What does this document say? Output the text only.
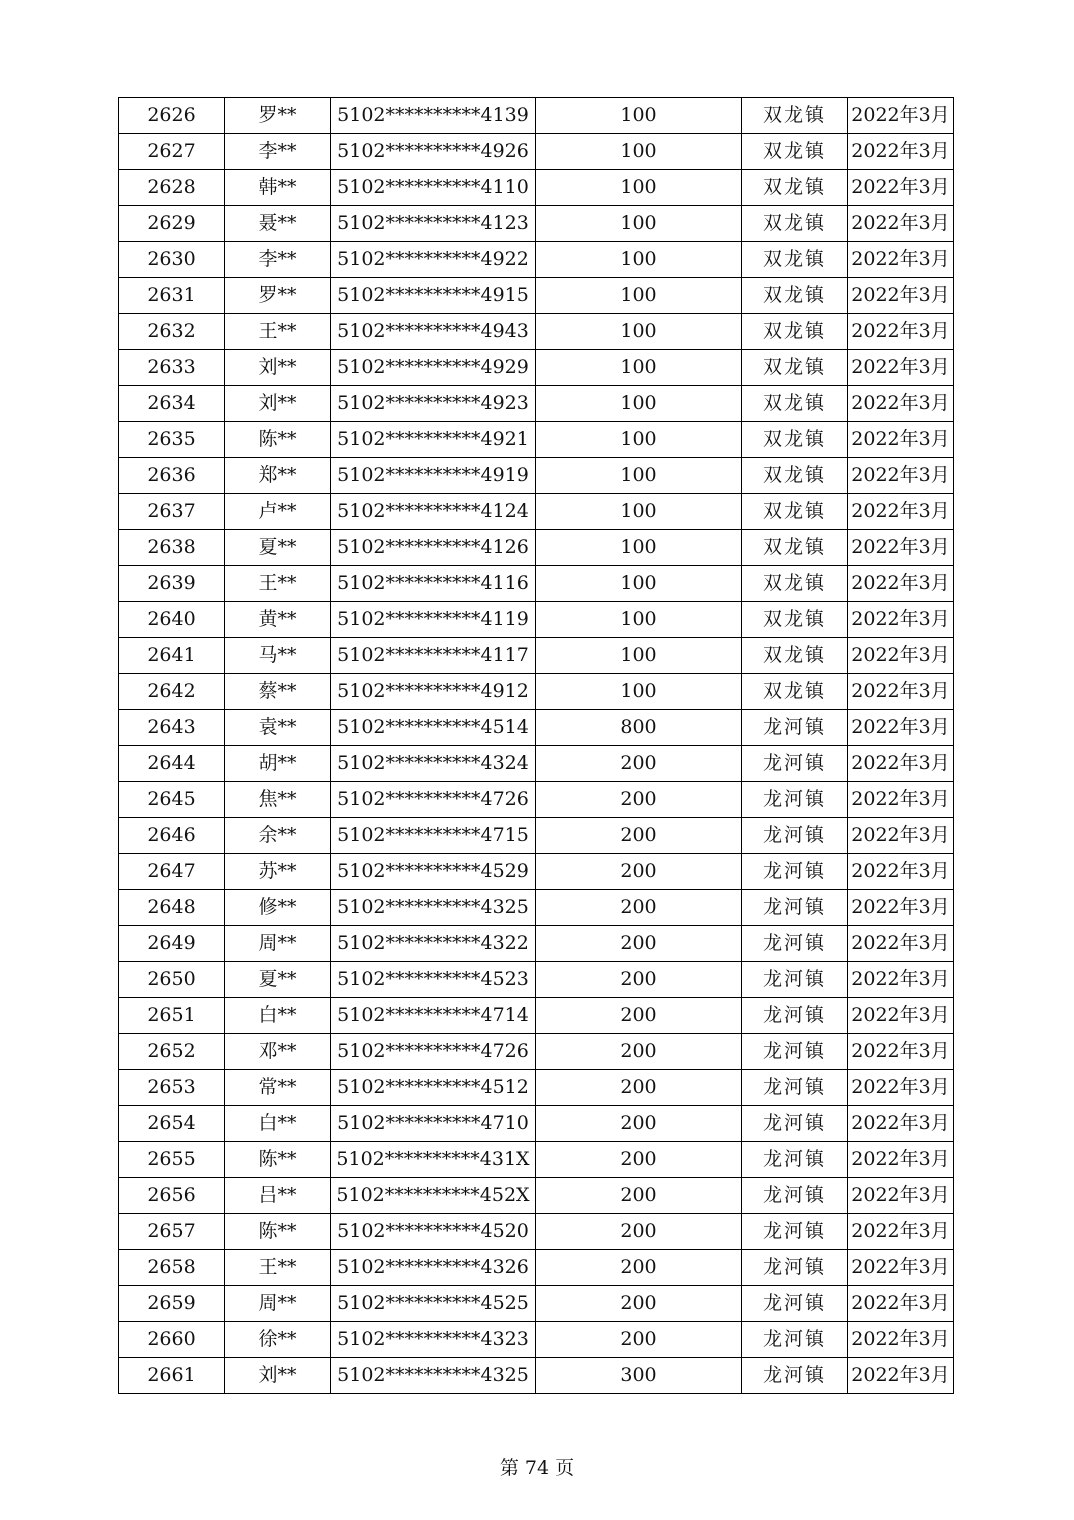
2626	罗**	5102**********4139	100	双龙镇	2022年3月
2627	李**	5102**********4926	100	双龙镇	2022年3月
2628	韩**	5102**********4110	100	双龙镇	2022年3月
2629	聂**	5102**********4123	100	双龙镇	2022年3月
2630	李**	5102**********4922	100	双龙镇	2022年3月
2631	罗**	5102**********4915	100	双龙镇	2022年3月
2632	王**	5102**********4943	100	双龙镇	2022年3月
2633	刘**	5102**********4929	100	双龙镇	2022年3月
2634	刘**	5102**********4923	100	双龙镇	2022年3月
2635	陈**	5102**********4921	100	双龙镇	2022年3月
2636	郑**	5102**********4919	100	双龙镇	2022年3月
2637	卢**	5102**********4124	100	双龙镇	2022年3月
2638	夏**	5102**********4126	100	双龙镇	2022年3月
2639	王**	5102**********4116	100	双龙镇	2022年3月
2640	黄**	5102**********4119	100	双龙镇	2022年3月
2641	马**	5102**********4117	100	双龙镇	2022年3月
2642	蔡**	5102**********4912	100	双龙镇	2022年3月
2643	袁**	5102**********4514	800	龙河镇	2022年3月
2644	胡**	5102**********4324	200	龙河镇	2022年3月
2645	焦**	5102**********4726	200	龙河镇	2022年3月
2646	余**	5102**********4715	200	龙河镇	2022年3月
2647	苏**	5102**********4529	200	龙河镇	2022年3月
2648	修**	5102**********4325	200	龙河镇	2022年3月
2649	周**	5102**********4322	200	龙河镇	2022年3月
2650	夏**	5102**********4523	200	龙河镇	2022年3月
2651	白**	5102**********4714	200	龙河镇	2022年3月
2652	邓**	5102**********4726	200	龙河镇	2022年3月
2653	常**	5102**********4512	200	龙河镇	2022年3月
2654	白**	5102**********4710	200	龙河镇	2022年3月
2655	陈**	5102**********431X	200	龙河镇	2022年3月
2656	吕**	5102**********452X	200	龙河镇	2022年3月
2657	陈**	5102**********4520	200	龙河镇	2022年3月
2658	王**	5102**********4326	200	龙河镇	2022年3月
2659	周**	5102**********4525	200	龙河镇	2022年3月
2660	徐**	5102**********4323	200	龙河镇	2022年3月
2661	刘**	5102**********4325	300	龙河镇	2022年3月
第 74 页
